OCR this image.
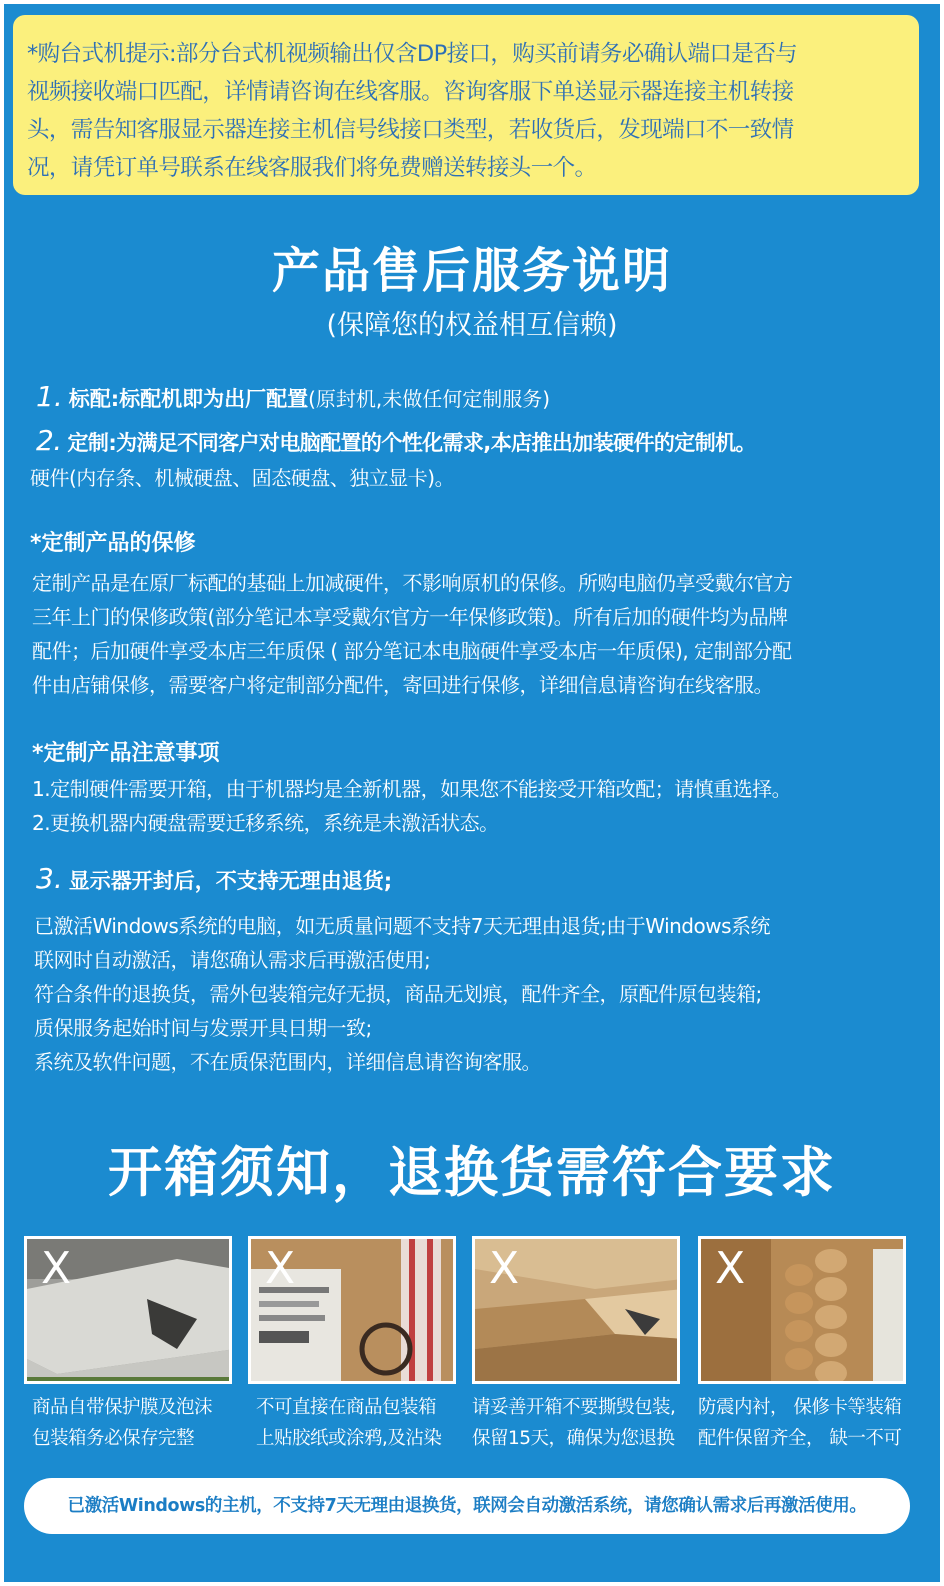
*购台式机提示:部分台式机视频输出仅含DP接口，购买前请务必确认端口是否与
视频接收端口匹配，详情请咨询在线客服。咨询客服下单送显示器连接主机转接
头，需告知客服显示器连接主机信号线接口类型，若收货后，发现端口不一致情
况，请凭订单号联系在线客服我们将免费赠送转接头一个。
产品售后服务说明
(保障您的权益相互信赖)
1. 标配:标配机即为出厂配置(原封机,未做任何定制服务)
2. 定制:为满足不同客户对电脑配置的个性化需求,本店推出加装硬件的定制机。
硬件(内存条、机械硬盘、固态硬盘、独立显卡)。
*定制产品的保修
定制产品是在原厂标配的基础上加减硬件，不影响原机的保修。所购电脑仍享受戴尔官方
三年上门的保修政策(部分笔记本享受戴尔官方一年保修政策)。所有后加的硬件均为品牌
配件；后加硬件享受本店三年质保 ( 部分笔记本电脑硬件享受本店一年质保), 定制部分配
件由店铺保修，需要客户将定制部分配件，寄回进行保修，详细信息请咨询在线客服。
*定制产品注意事项
1.定制硬件需要开箱，由于机器均是全新机器，如果您不能接受开箱改配；请慎重选择。
2.更换机器内硬盘需要迁移系统，系统是未激活状态。
3. 显示器开封后，不支持无理由退货;
已激活Windows系统的电脑，如无质量问题不支持7天无理由退货;由于Windows系统
联网时自动激活，请您确认需求后再激活使用;
符合条件的退换货，需外包装箱完好无损，商品无划痕，配件齐全，原配件原包装箱;
质保服务起始时间与发票开具日期一致;
系统及软件问题，不在质保范围内，详细信息请咨询客服。
开箱须知，退换货需符合要求
X	X	X	X
商品自带保护膜及泡沫
包装箱务必保存完整
不可直接在商品包装箱
上贴胶纸或涂鸦,及沾染
请妥善开箱不要撕毁包装,
保留15天，确保为您退换
防震内衬， 保修卡等装箱
配件保留齐全， 缺一不可
已激活Windows的主机，不支持7天无理由退换货，联网会自动激活系统，请您确认需求后再激活使用。
